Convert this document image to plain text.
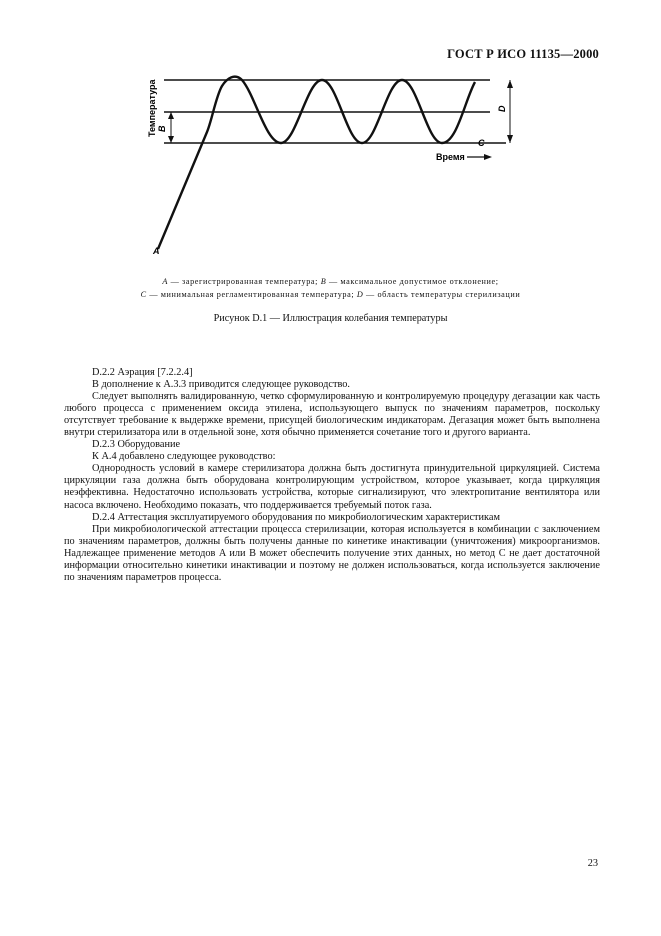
ГОСТ Р ИСО 11135—2000
Температура B
D
C
Время
A
A — зарегистрированная температура; B — максимальное допустимое отклонение;
C — минимальная регламентированная температура; D — область температуры стерилизации
Рисунок D.1 — Иллюстрация колебания температуры

D.2.2 Аэрация [7.2.2.4]

В дополнение к A.3.3 приводится следующее руководство.

Следует выполнять валидированную, четко сформулированную и контролируемую процедуру дегазации как часть любого процесса с применением оксида этилена, использующего выпуск по значениям параметров, поскольку отсутствует требование к выдержке времени, присущей биологическим индикаторам. Дегазация может быть выполнена внутри стерилизатора или в отдельной зоне, хотя обычно применяется сочетание того и другого варианта.

D.2.3 Оборудование

К A.4 добавлено следующее руководство:

Однородность условий в камере стерилизатора должна быть достигнута принудительной циркуляцией. Система циркуляции газа должна быть оборудована контролирующим устройством, которое указывает, когда циркуляция неэффективна. Недостаточно использовать устройства, которые сигнализируют, что электропитание вентилятора или насоса включено. Необходимо показать, что поддерживается требуемый поток газа.

D.2.4 Аттестация эксплуатируемого оборудования по микробиологическим характеристикам

При микробиологической аттестации процесса стерилизации, которая используется в комбинации с заключением по значениям параметров, должны быть получены данные по кинетике инактивации (уничтожения) микроорганизмов. Надлежащее применение методов A или B может обеспечить получение этих данных, но метод C не дает достаточной информации относительно кинетики инактивации и поэтому не должен использоваться, когда используется заключение по значениям параметров процесса.

23
